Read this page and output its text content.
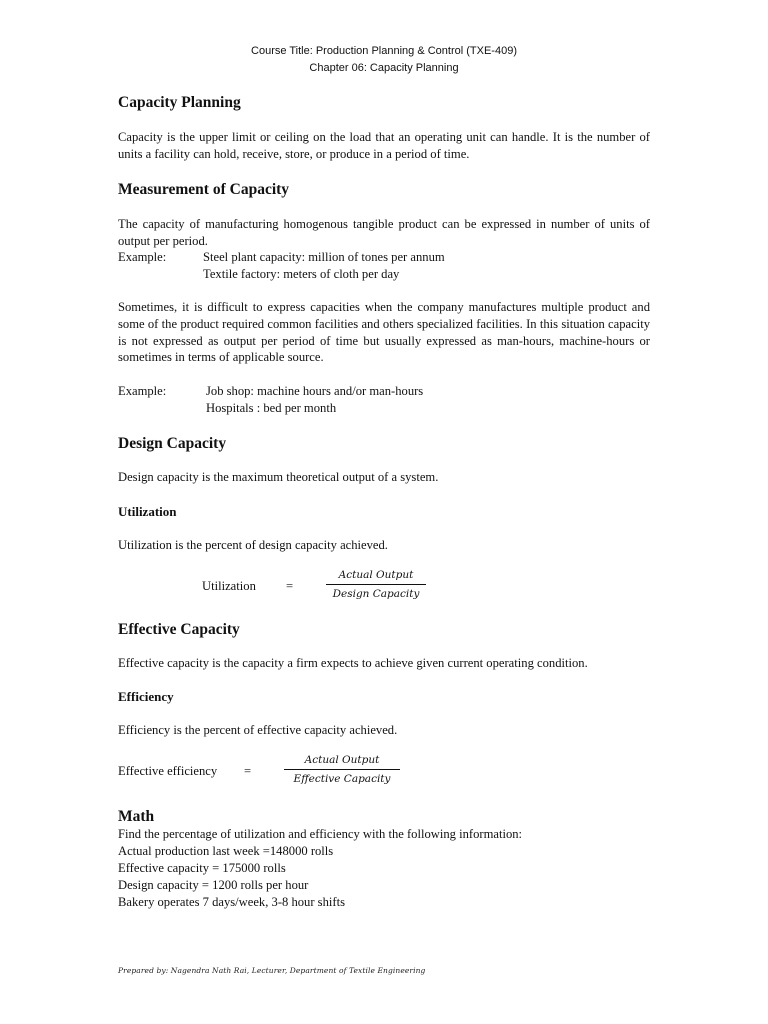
Course Title: Production Planning & Control (TXE-409)
Chapter 06: Capacity Planning
Capacity Planning
Capacity is the upper limit or ceiling on the load that an operating unit can handle. It is the number of units a facility can hold, receive, store, or produce in a period of time.
Measurement of Capacity
The capacity of manufacturing homogenous tangible product can be expressed in number of units of output per period.
Example:	Steel plant capacity: million of tones per annum
Textile factory: meters of cloth per day
Sometimes, it is difficult to express capacities when the company manufactures multiple product and some of the product required common facilities and others specialized facilities. In this situation capacity is not expressed as output per period of time but usually expressed as man-hours, machine-hours or sometimes in terms of applicable source.
Example:	Job shop: machine hours and/or man-hours
Hospitals : bed per month
Design Capacity
Design capacity is the maximum theoretical output of a system.
Utilization
Utilization is the percent of design capacity achieved.
Utilization =
Actual Output
Design Capacity
Effective Capacity
Effective capacity is the capacity a firm expects to achieve given current operating condition.
Efficiency
Efficiency is the percent of effective capacity achieved.
Effective efficiency =
Actual Output
Effective Capacity
Math
Find the percentage of utilization and efficiency with the following information:
Actual production last week =148000 rolls
Effective capacity = 175000 rolls
Design capacity = 1200 rolls per hour
Bakery operates 7 days/week, 3-8 hour shifts
Prepared by: Nagendra Nath Rai, Lecturer, Department of Textile Engineering
